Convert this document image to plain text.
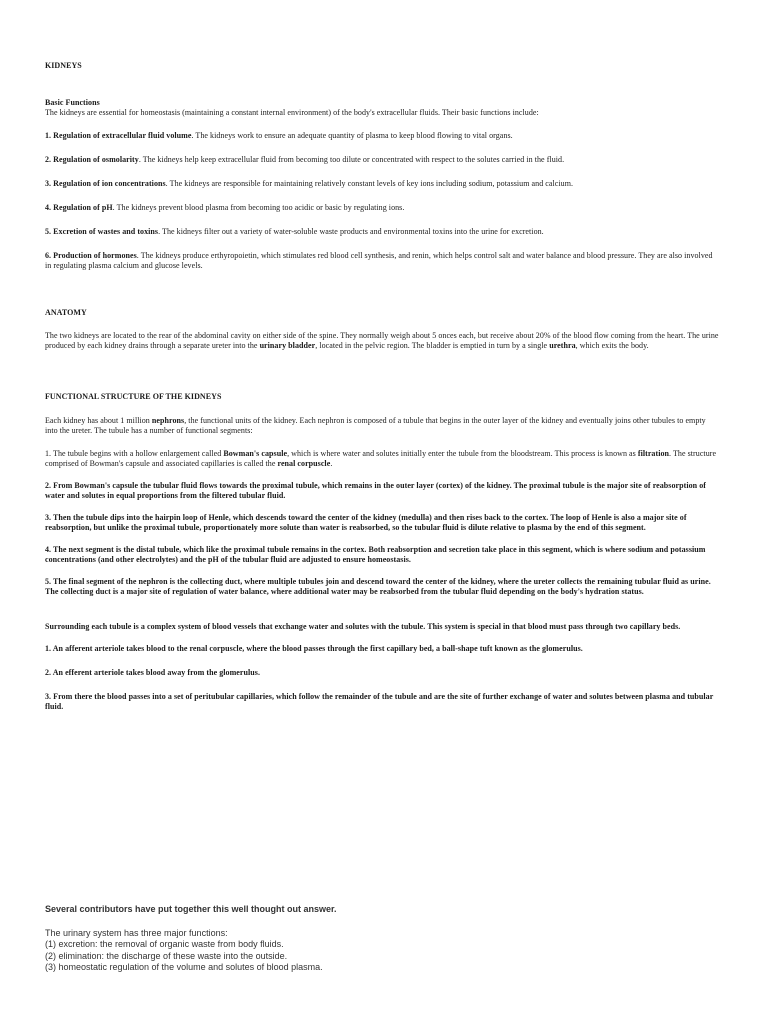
KIDNEYS

Basic Functions

The kidneys are essential for homeostasis (maintaining a constant internal environment) of the body's extracellular fluids. Their basic functions include:

1. Regulation of extracellular fluid volume. The kidneys work to ensure an adequate quantity of plasma to keep blood flowing to vital organs.

2. Regulation of osmolarity. The kidneys help keep extracellular fluid from becoming too dilute or concentrated with respect to the solutes carried in the fluid.

3. Regulation of ion concentrations. The kidneys are responsible for maintaining relatively constant levels of key ions including sodium, potassium and calcium.

4. Regulation of pH. The kidneys prevent blood plasma from becoming too acidic or basic by regulating ions.

5. Excretion of wastes and toxins. The kidneys filter out a variety of water-soluble waste products and environmental toxins into the urine for excretion.

6. Production of hormones. The kidneys produce erthyropoietin, which stimulates red blood cell synthesis, and renin, which helps control salt and water balance and blood pressure. They are also involved in regulating plasma calcium and glucose levels.

ANATOMY

The two kidneys are located to the rear of the abdominal cavity on either side of the spine. They normally weigh about 5 onces each, but receive about 20% of the blood flow coming from the heart. The urine produced by each kidney drains through a separate ureter into the urinary bladder, located in the pelvic region. The bladder is emptied in turn by a single urethra, which exits the body.

FUNCTIONAL STRUCTURE OF THE KIDNEYS

Each kidney has about 1 million nephrons, the functional units of the kidney. Each nephron is composed of a tubule that begins in the outer layer of the kidney and eventually joins other tubules to empty into the ureter. The tubule has a number of functional segments:

1. The tubule begins with a hollow enlargement called Bowman's capsule, which is where water and solutes initially enter the tubule from the bloodstream. This process is known as filtration. The structure comprised of Bowman's capsule and associated capillaries is called the renal corpuscle.

2. From Bowman's capsule the tubular fluid flows towards the proximal tubule, which remains in the outer layer (cortex) of the kidney. The proximal tubule is the major site of reabsorption of water and solutes in equal proportions from the filtered tubular fluid.

3. Then the tubule dips into the hairpin loop of Henle, which descends toward the center of the kidney (medulla) and then rises back to the cortex. The loop of Henle is also a major site of reabsorption, but unlike the proximal tubule, proportionately more solute than water is reabsorbed, so the tubular fluid is dilute relative to plasma by the end of this segment.

4. The next segment is the distal tubule, which like the proximal tubule remains in the cortex. Both reabsorption and secretion take place in this segment, which is where sodium and potassium concentrations (and other electrolytes) and the pH of the tubular fluid are adjusted to ensure homeostasis.

5. The final segment of the nephron is the collecting duct, where multiple tubules join and descend toward the center of the kidney, where the ureter collects the remaining tubular fluid as urine. The collecting duct is a major site of regulation of water balance, where additional water may be reabsorbed from the tubular fluid depending on the body's hydration status.

Surrounding each tubule is a complex system of blood vessels that exchange water and solutes with the tubule. This system is special in that blood must pass through two capillary beds.

1. An afferent arteriole takes blood to the renal corpuscle, where the blood passes through the first capillary bed, a ball-shape tuft known as the glomerulus.

2. An efferent arteriole takes blood away from the glomerulus.

3. From there the blood passes into a set of peritubular capillaries, which follow the remainder of the tubule and are the site of further exchange of water and solutes between plasma and tubular fluid.

Several contributors have put together this well thought out answer.

The urinary system has three major functions:

(1) excretion: the removal of organic waste from body fluids.

(2) elimination: the discharge of these waste into the outside.

(3) homeostatic regulation of the volume and solutes of blood plasma.
